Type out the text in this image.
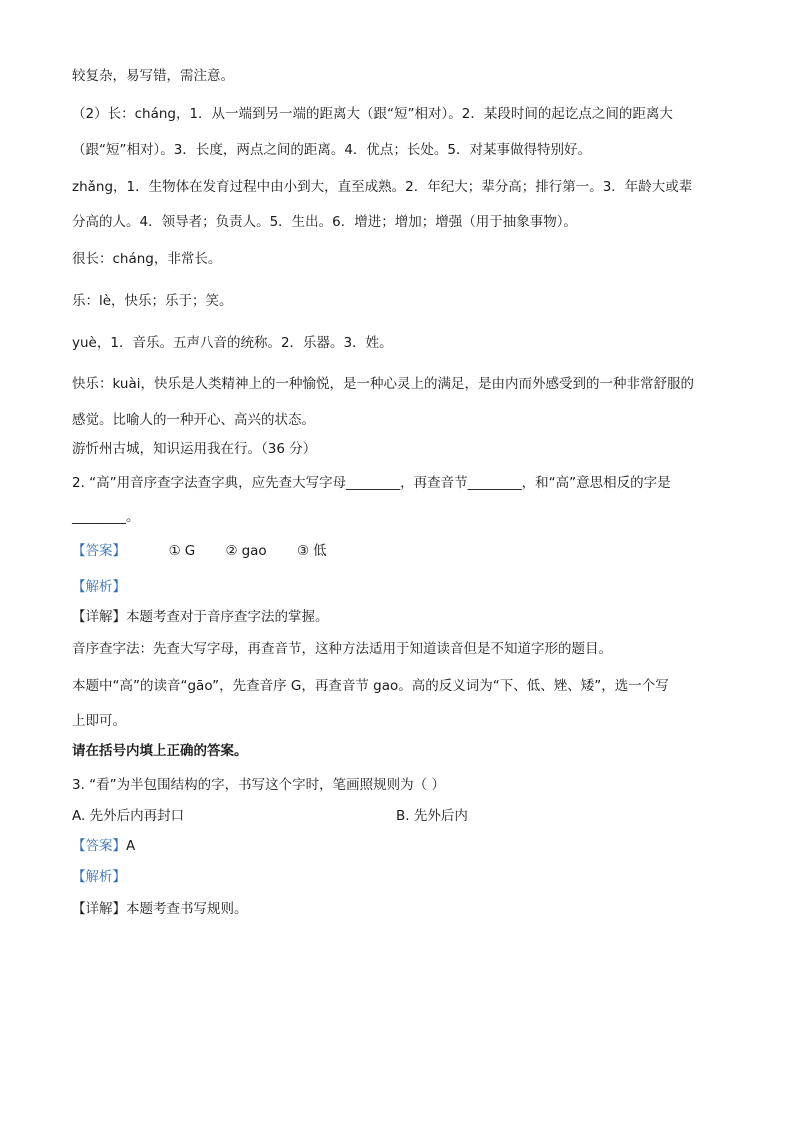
较复杂，易写错，需注意。
（2）长：cháng，1．从一端到另一端的距离大（跟“短”相对）。2．某段时间的起讫点之间的距离大
（跟“短”相对）。3．长度，两点之间的距离。4．优点；长处。5．对某事做得特别好。
zhǎng，1．生物体在发育过程中由小到大，直至成熟。2．年纪大；辈分高；排行第一。3．年龄大或辈
分高的人。4．领导者；负责人。5．生出。6．增进；增加；增强（用于抽象事物）。
很长：cháng，非常长。
乐：lè，快乐；乐于；笑。
yuè，1．音乐。五声八音的统称。2．乐器。3．姓。
快乐：kuài，快乐是人类精神上的一种愉悦，是一种心灵上的满足，是由内而外感受到的一种非常舒服的
感觉。比喻人的一种开心、高兴的状态。
游忻州古城，知识运用我在行。（36 分）
2. “高”用音序查字法查字典，应先查大写字母________，再查音节________，和“高”意思相反的字是
________。
【答案】	① G ② gao ③ 低
【解析】
【详解】本题考查对于音序查字法的掌握。
音序查字法：先查大写字母，再查音节，这种方法适用于知道读音但是不知道字形的题目。
本题中“高”的读音“gāo”，先查音序 G，再查音节 gao。高的反义词为“下、低、矬、矮”，选一个写
上即可。
请在括号内填上正确的答案。
3. “看”为半包围结构的字，书写这个字时，笔画照规则为（ ）
A. 先外后内再封口	B. 先外后内
【答案】A
【解析】
【详解】本题考查书写规则。
